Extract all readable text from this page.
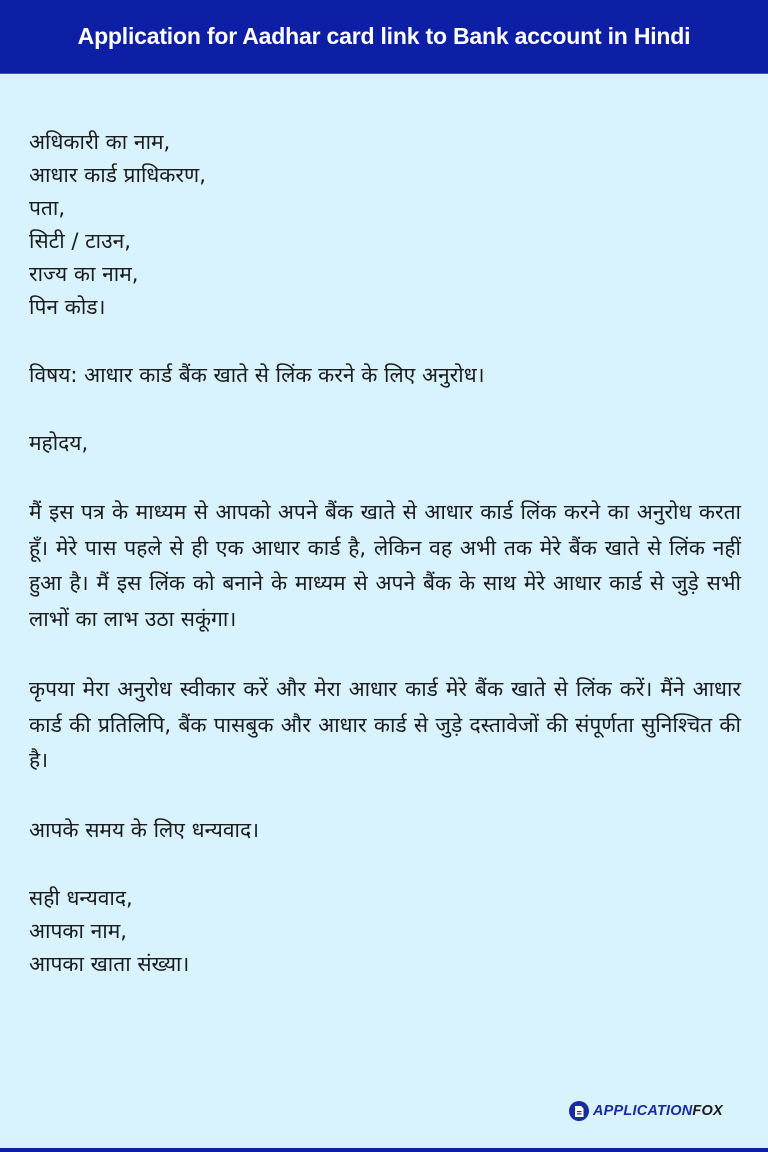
Application for Aadhar card link to Bank account in Hindi
अधिकारी का नाम,
आधार कार्ड प्राधिकरण,
पता,
सिटी / टाउन,
राज्य का नाम,
पिन कोड।
विषय: आधार कार्ड बैंक खाते से लिंक करने के लिए अनुरोध।
महोदय,
मैं इस पत्र के माध्यम से आपको अपने बैंक खाते से आधार कार्ड लिंक करने का अनुरोध करता हूँ। मेरे पास पहले से ही एक आधार कार्ड है, लेकिन वह अभी तक मेरे बैंक खाते से लिंक नहीं हुआ है। मैं इस लिंक को बनाने के माध्यम से अपने बैंक के साथ मेरे आधार कार्ड से जुड़े सभी लाभों का लाभ उठा सकूंगा।
कृपया मेरा अनुरोध स्वीकार करें और मेरा आधार कार्ड मेरे बैंक खाते से लिंक करें। मैंने आधार कार्ड की प्रतिलिपि, बैंक पासबुक और आधार कार्ड से जुड़े दस्तावेजों की संपूर्णता सुनिश्चित की है।
आपके समय के लिए धन्यवाद।
सही धन्यवाद,
आपका नाम,
आपका खाता संख्या।
APPLICATIONFOX
